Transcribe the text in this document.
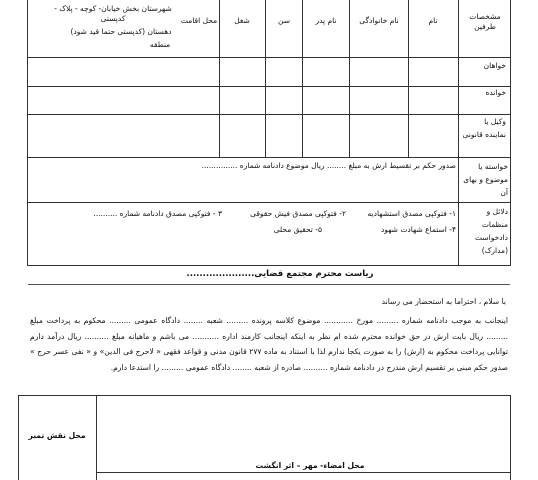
مشخصات طرفین
نام
نام خانوادگی
نام پدر
سن
شغل
محل اقامت
شهرستان بخش خیابان- کوچه - پلاک - کدپستی
دهستان (کدپستی حتما قید شود)
منطقه
خواهان
خوانده
وکیل یا نماینده قانونی
خواسته یا موضوع و بهای آن
صدور حکم بر تقسیط ارش به مبلغ ........ ریال موضوع دادنامه شماره ...............
دلائل و منظمات دادخواست (مدارک)
۱- فتوکپی مصدق استشهادیه
۲- فتوکپی مصدق فیش حقوقی
۳ - فتوکپی مصدق دادنامه شماره ..........
۴- استماع شهادت شهود
۵- تحقیق محلی
ریاست محترم مجتمع قضایی.....................
با سلام ، احتراما به استحضار می رساند
اینجانب به موجب دادنامه شماره ......... مورخ ............ موضوع کلاسه پرونده ......... شعبه ........ دادگاه عمومی ......... محکوم به پرداخت مبلغ ......... ریال بابت ارش در حق خوانده محترم شده ام نظر به اینکه اینجانب کارمند اداره ........... می باشم و ماهیانه مبلغ .......... ریال درآمد دارم توانایی پرداخت محکوم به (ارش) را به صورت یکجا ندارم لذا با استناد به ماده ۲۷۷ قانون مدنی و قواعد فقهی « لاحرج فی الدین» و « نفی عسر حرج » صدور حکم مبنی بر تقسیم ارش مندرج در دادنامه شماره .......... صادره از شعبه ........ دادگاه عمومی ......... را استدعا دارم.
محل امضاء- مهر – اثر انگشت
محل نقش تمبر
